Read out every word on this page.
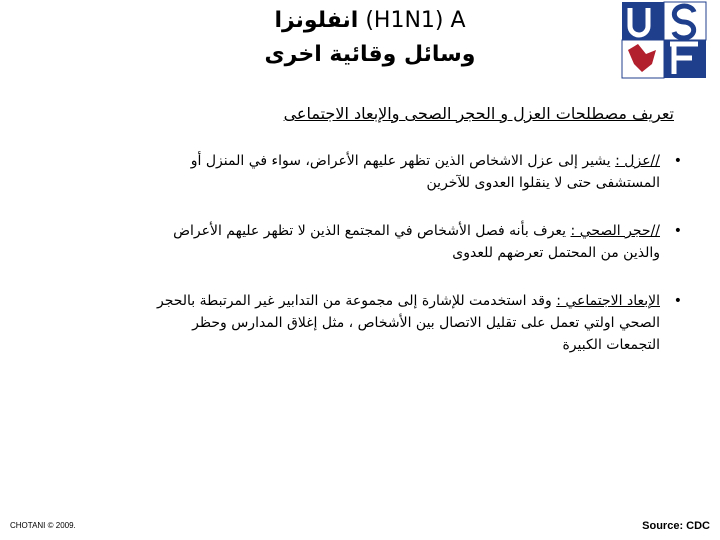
انفلونزا (H1N1) A
وسائل وقائية اخرى
تعريف مصطلحات العزل و الحجر الصحى والإبعاد الاجتماعى
•
//عزل : يشير إلى عزل الاشخاص الذين تظهر عليهم الأعراض، سواء في المنزل أو
المستشفى حتى لا ينقلوا العدوى للآخرين
•
//حجر الصحي : يعرف بأنه فصل الأشخاص في المجتمع الذين لا تظهر عليهم الأعراض
والذين من المحتمل تعرضهم للعدوى
•
الإبعاد الاجتماعي : وقد استخدمت للإشارة إلى مجموعة من التدابير غير المرتبطة بالحجر
الصحي اولتي تعمل على تقليل الاتصال بين الأشخاص ، مثل إغلاق المدارس وحظر
التجمعات الكبيرة
CHOTANI © 2009.	Source: CDC
